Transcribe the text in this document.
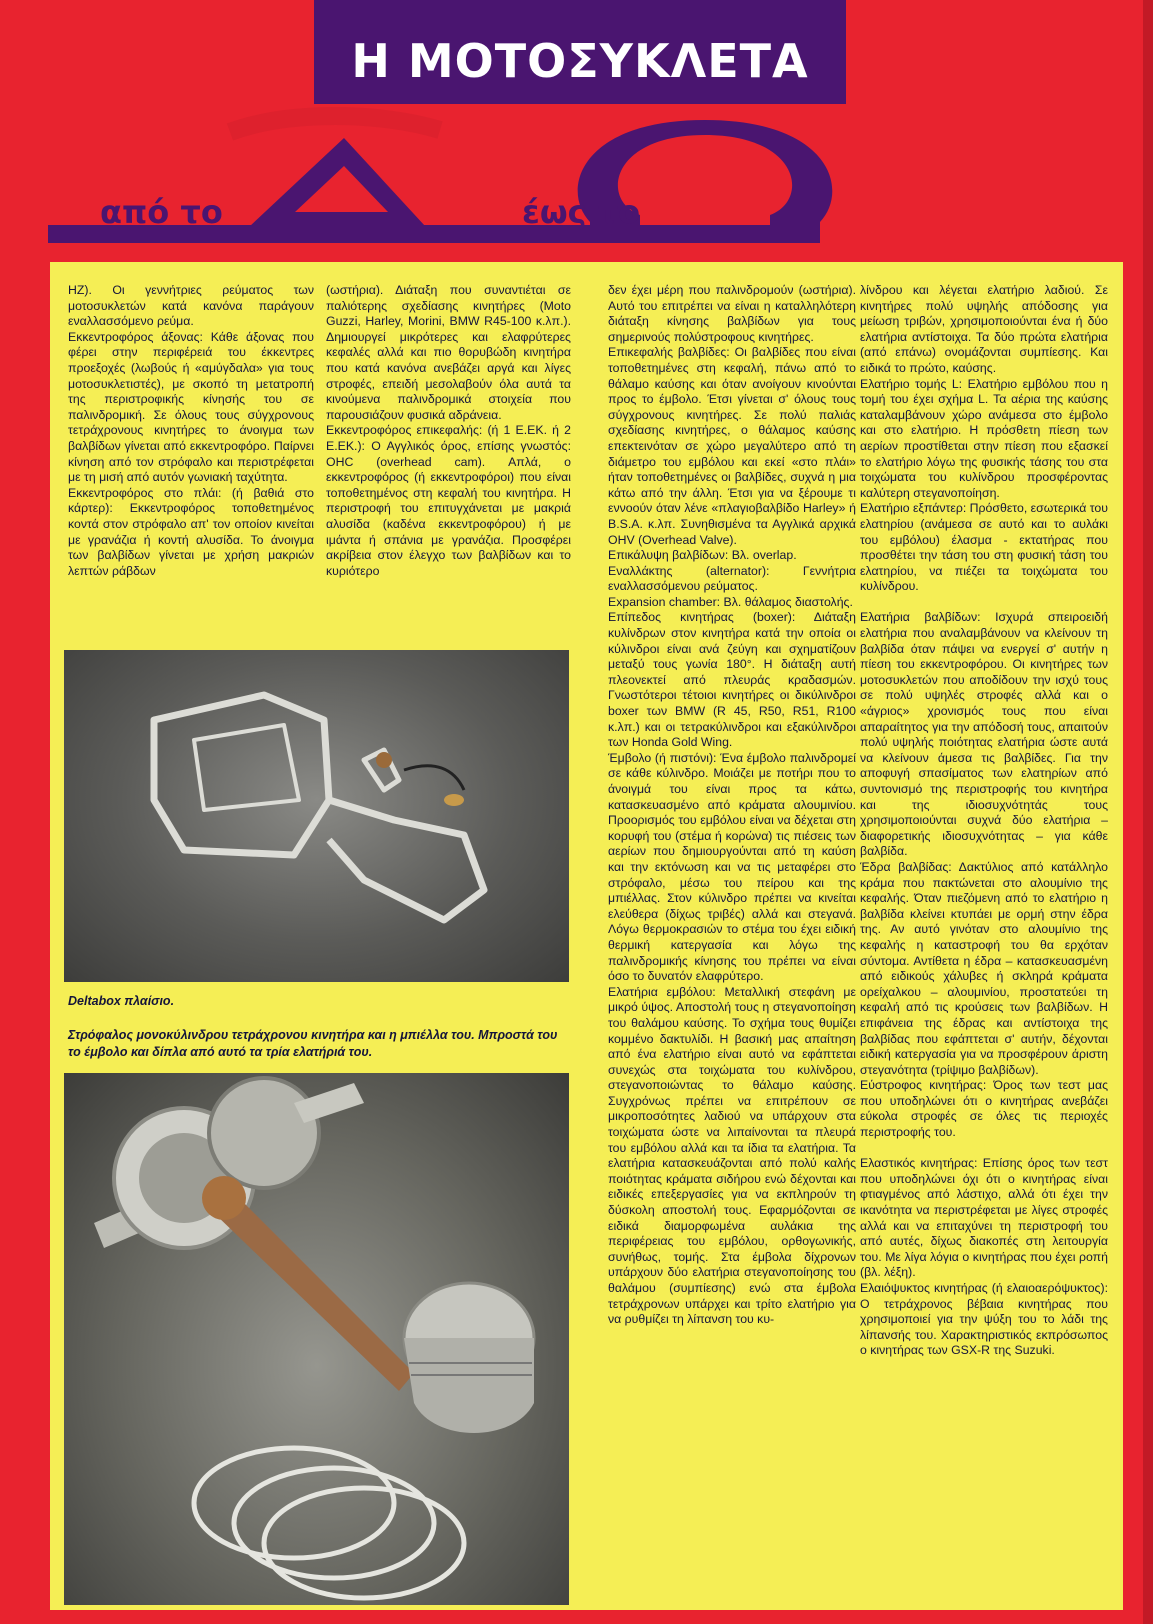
Η ΜΟΤΟΣΥΚΛΕΤΑ
από το	έως το
HZ). Οι γεννήτριες ρεύματος των μοτοσυκλετών κατά κανόνα παράγουν εναλλασσόμενο ρεύμα.
Εκκεντροφόρος άξονας: Κάθε άξονας που φέρει στην περιφέρειά του έκκεντρες προεξοχές (λωβούς ή «αμύγδαλα» για τους μοτοσυκλετιστές), με σκοπό τη μετατροπή της περιστροφικής κίνησής του σε παλινδρομική. Σε όλους τους σύγχρονους τετράχρονους κινητήρες το άνοιγμα των βαλβίδων γίνεται από εκκεντροφόρο. Παίρνει κίνηση από τον στρόφαλο και περιστρέφεται με τη μισή από αυτόν γωνιακή ταχύτητα.
Εκκεντροφόρος στο πλάι: (ή βαθιά στο κάρτερ): Εκκεντροφόρος τοποθετημένος κοντά στον στρόφαλο απ' τον οποίον κινείται με γρανάζια ή κοντή αλυσίδα. Το άνοιγμα των βαλβίδων γίνεται με χρήση μακριών λεπτών ράβδων
(ωστήρια). Διάταξη που συναντιέται σε παλιότερης σχεδίασης κινητήρες (Moto Guzzi, Harley, Morini, BMW R45-100 κ.λπ.). Δημιουργεί μικρότερες και ελαφρύτερες κεφαλές αλλά και πιο θορυβώδη κινητήρα που κατά κανόνα ανεβάζει αργά και λίγες στροφές, επειδή μεσολαβούν όλα αυτά τα κινούμενα παλινδρομικά στοιχεία που παρουσιάζουν φυσικά αδράνεια.
Εκκεντροφόρος επικεφαλής: (ή 1 Ε.ΕΚ. ή 2 Ε.ΕΚ.): Ο Αγγλικός όρος, επίσης γνωστός: OHC (overhead cam). Απλά, ο εκκεντροφόρος (ή εκκεντροφόροι) που είναι τοποθετημένος στη κεφαλή του κινητήρα. Η περιστροφή του επιτυγχάνεται με μακριά αλυσίδα (καδένα εκκεντροφόρου) ή με ιμάντα ή σπάνια με γρανάζια. Προσφέρει ακρίβεια στον έλεγχο των βαλβίδων και το κυριότερο
δεν έχει μέρη που παλινδρομούν (ωστήρια). Αυτό του επιτρέπει να είναι η καταλληλότερη διάταξη κίνησης βαλβίδων για τους σημερινούς πολύστροφους κινητήρες.
Επικεφαλής βαλβίδες: Οι βαλβίδες που είναι τοποθετημένες στη κεφαλή, πάνω από το θάλαμο καύσης και όταν ανοίγουν κινούνται προς το έμβολο. Έτσι γίνεται σ' όλους τους σύγχρονους κινητήρες. Σε πολύ παλιάς σχεδίασης κινητήρες, ο θάλαμος καύσης επεκτεινόταν σε χώρο μεγαλύτερο από τη διάμετρο του εμβόλου και εκεί «στο πλάι» ήταν τοποθετημένες οι βαλβίδες, συχνά η μια κάτω από την άλλη. Έτσι για να ξέρουμε τι εννοούν όταν λένε «πλαγιοβαλβίδο Harley» ή B.S.A. κ.λπ. Συνηθισμένα τα Αγγλικά αρχικά OHV (Overhead Valve).
Επικάλυψη βαλβίδων: Βλ. overlap.
Εναλλάκτης (alternator): Γεννήτρια εναλλασσόμενου ρεύματος.
Expansion chamber: Βλ. θάλαμος διαστολής.
Επίπεδος κινητήρας (boxer): Διάταξη κυλίνδρων στον κινητήρα κατά την οποία οι κύλινδροι είναι ανά ζεύγη και σχηματίζουν μεταξύ τους γωνία 180°. Η διάταξη αυτή πλεονεκτεί από πλευράς κραδασμών. Γνωστότεροι τέτοιοι κινητήρες οι δικύλινδροι boxer των BMW (R 45, R50, R51, R100 κ.λπ.) και οι τετρακύλινδροι και εξακύλινδροι των Honda Gold Wing.
Έμβολο (ή πιστόνι): Ένα έμβολο παλινδρομεί σε κάθε κύλινδρο. Μοιάζει με ποτήρι που το άνοιγμά του είναι προς τα κάτω, κατασκευασμένο από κράματα αλουμινίου. Προορισμός του εμβόλου είναι να δέχεται στη κορυφή του (στέμα ή κορώνα) τις πιέσεις των αερίων που δημιουργούνται από τη καύση και την εκτόνωση και να τις μεταφέρει στο στρόφαλο, μέσω του πείρου και της μπιέλλας. Στον κύλινδρο πρέπει να κινείται ελεύθερα (δίχως τριβές) αλλά και στεγανά. Λόγω θερμοκρασιών το στέμα του έχει ειδική θερμική κατεργασία και λόγω της παλινδρομικής κίνησης του πρέπει να είναι όσο το δυνατόν ελαφρύτερο.
Ελατήρια εμβόλου: Μεταλλική στεφάνη με μικρό ύψος. Αποστολή τους η στεγανοποίηση του θαλάμου καύσης. Το σχήμα τους θυμίζει κομμένο δακτυλίδι. Η βασική μας απαίτηση από ένα ελατήριο είναι αυτό να εφάπτεται συνεχώς στα τοιχώματα του κυλίνδρου, στεγανοποιώντας το θάλαμο καύσης. Συγχρόνως πρέπει να επιτρέπουν σε μικροποσότητες λαδιού να υπάρχουν στα τοιχώματα ώστε να λιπαίνονται τα πλευρά του εμβόλου αλλά και τα ίδια τα ελατήρια. Τα ελατήρια κατασκευάζονται από πολύ καλής ποιότητας κράματα σιδήρου ενώ δέχονται και ειδικές επεξεργασίες για να εκπληρούν τη δύσκολη αποστολή τους. Εφαρμόζονται σε ειδικά διαμορφωμένα αυλάκια της περιφέρειας του εμβόλου, ορθογωνικής, συνήθως, τομής. Στα έμβολα δίχρονων υπάρχουν δύο ελατήρια στεγανοποίησης του θαλάμου (συμπίεσης) ενώ στα έμβολα τετράχρονων υπάρχει και τρίτο ελατήριο για να ρυθμίζει τη λίπανση του κυ-
λίνδρου και λέγεται ελατήριο λαδιού. Σε κινητήρες πολύ υψηλής απόδοσης για μείωση τριβών, χρησιμοποιούνται ένα ή δύο ελατήρια αντίστοιχα. Τα δύο πρώτα ελατήρια (από επάνω) ονομάζονται συμπίεσης. Και ειδικά το πρώτο, καύσης.
Ελατήριο τομής L: Ελατήριο εμβόλου που η τομή του έχει σχήμα L. Τα αέρια της καύσης καταλαμβάνουν χώρο ανάμεσα στο έμβολο και στο ελατήριο. Η πρόσθετη πίεση των αερίων προστίθεται στην πίεση που εξασκεί το ελατήριο λόγω της φυσικής τάσης του στα τοιχώματα του κυλίνδρου προσφέροντας καλύτερη στεγανοποίηση.
Ελατήριο εξπάντερ: Πρόσθετο, εσωτερικά του ελατηρίου (ανάμεσα σε αυτό και το αυλάκι του εμβόλου) έλασμα - εκτατήρας που προσθέτει την τάση του στη φυσική τάση του ελατηρίου, να πιέζει τα τοιχώματα του κυλίνδρου.

Ελατήρια βαλβίδων: Ισχυρά σπειροειδή ελατήρια που αναλαμβάνουν να κλείνουν τη βαλβίδα όταν πάψει να ενεργεί σ' αυτήν η πίεση του εκκεντροφόρου. Οι κινητήρες των μοτοσυκλετών που αποδίδουν την ισχύ τους σε πολύ υψηλές στροφές αλλά και ο «άγριος» χρονισμός τους που είναι απαραίτητος για την απόδοσή τους, απαιτούν πολύ υψηλής ποιότητας ελατήρια ώστε αυτά να κλείνουν άμεσα τις βαλβίδες. Για την αποφυγή σπασίματος των ελατηρίων από συντονισμό της περιστροφής του κινητήρα και της ιδιοσυχνότητάς τους χρησιμοποιούνται συχνά δύο ελατήρια – διαφορετικής ιδιοσυχνότητας – για κάθε βαλβίδα.
Έδρα βαλβίδας: Δακτύλιος από κατάλληλο κράμα που πακτώνεται στο αλουμίνιο της κεφαλής. Όταν πιεζόμενη από το ελατήριο η βαλβίδα κλείνει κτυπάει με ορμή στην έδρα της. Αν αυτό γινόταν στο αλουμίνιο της κεφαλής η καταστροφή του θα ερχόταν σύντομα. Αντίθετα η έδρα – κατασκευασμένη από ειδικούς χάλυβες ή σκληρά κράματα ορείχαλκου – αλουμινίου, προστατεύει τη κεφαλή από τις κρούσεις των βαλβίδων. Η επιφάνεια της έδρας και αντίστοιχα της βαλβίδας που εφάπτεται σ' αυτήν, δέχονται ειδική κατεργασία για να προσφέρουν άριστη στεγανότητα (τρίψιμο βαλβίδων).
Εύστροφος κινητήρας: Όρος των τεστ μας που υποδηλώνει ότι ο κινητήρας ανεβάζει εύκολα στροφές σε όλες τις περιοχές περιστροφής του.

Ελαστικός κινητήρας: Επίσης όρος των τεστ που υποδηλώνει όχι ότι ο κινητήρας είναι φτιαγμένος από λάστιχο, αλλά ότι έχει την ικανότητα να περιστρέφεται με λίγες στροφές αλλά και να επιταχύνει τη περιστροφή του από αυτές, δίχως διακοπές στη λειτουργία του. Με λίγα λόγια ο κινητήρας που έχει ροπή (βλ. λέξη).
Ελαιόψυκτος κινητήρας (ή ελαιοαερόψυκτος): Ο τετράχρονος βέβαια κινητήρας που χρησιμοποιεί για την ψύξη του το λάδι της λίπανσής του. Χαρακτηριστικός εκπρόσωπος ο κινητήρας των GSX-R της Suzuki.
Deltabox πλαίσιο.
Στρόφαλος μονοκύλινδρου τετράχρονου κινητήρα και η μπιέλλα του. Μπροστά του το έμβολο και δίπλα από αυτό τα τρία ελατήριά του.
